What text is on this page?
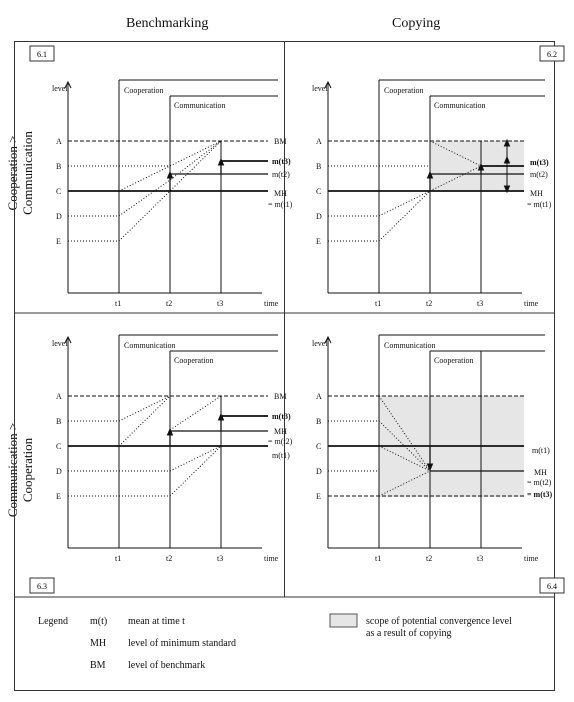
Benchmarking	Copying
Cooperation > Communication
Communication > Cooperation
6.1	6.2
6.3	6.4
level
time
Cooperation
Communication
A
B
C
D
E
t1	t2	t3
BM
m(t3)
m(t2)
MH
= m(t1)
level
time
Cooperation
Communication
A
B
C
D
E
t1	t2	t3
m(t3)
m(t2)
MH
= m(t1)
level
time
Communication
Cooperation
A
B
C
D
E
t1	t2	t3
BM
m(t3)
MH
= m(t2)
m(t1)
level
time
Communication
Cooperation
A
B
C
D
E
t1	t2	t3
m(t1)
MH
= m(t2)
= m(t3)
Legend m(t) mean at time t
MH level of minimum standard
BM level of benchmark
scope of potential convergence level
as a result of copying
